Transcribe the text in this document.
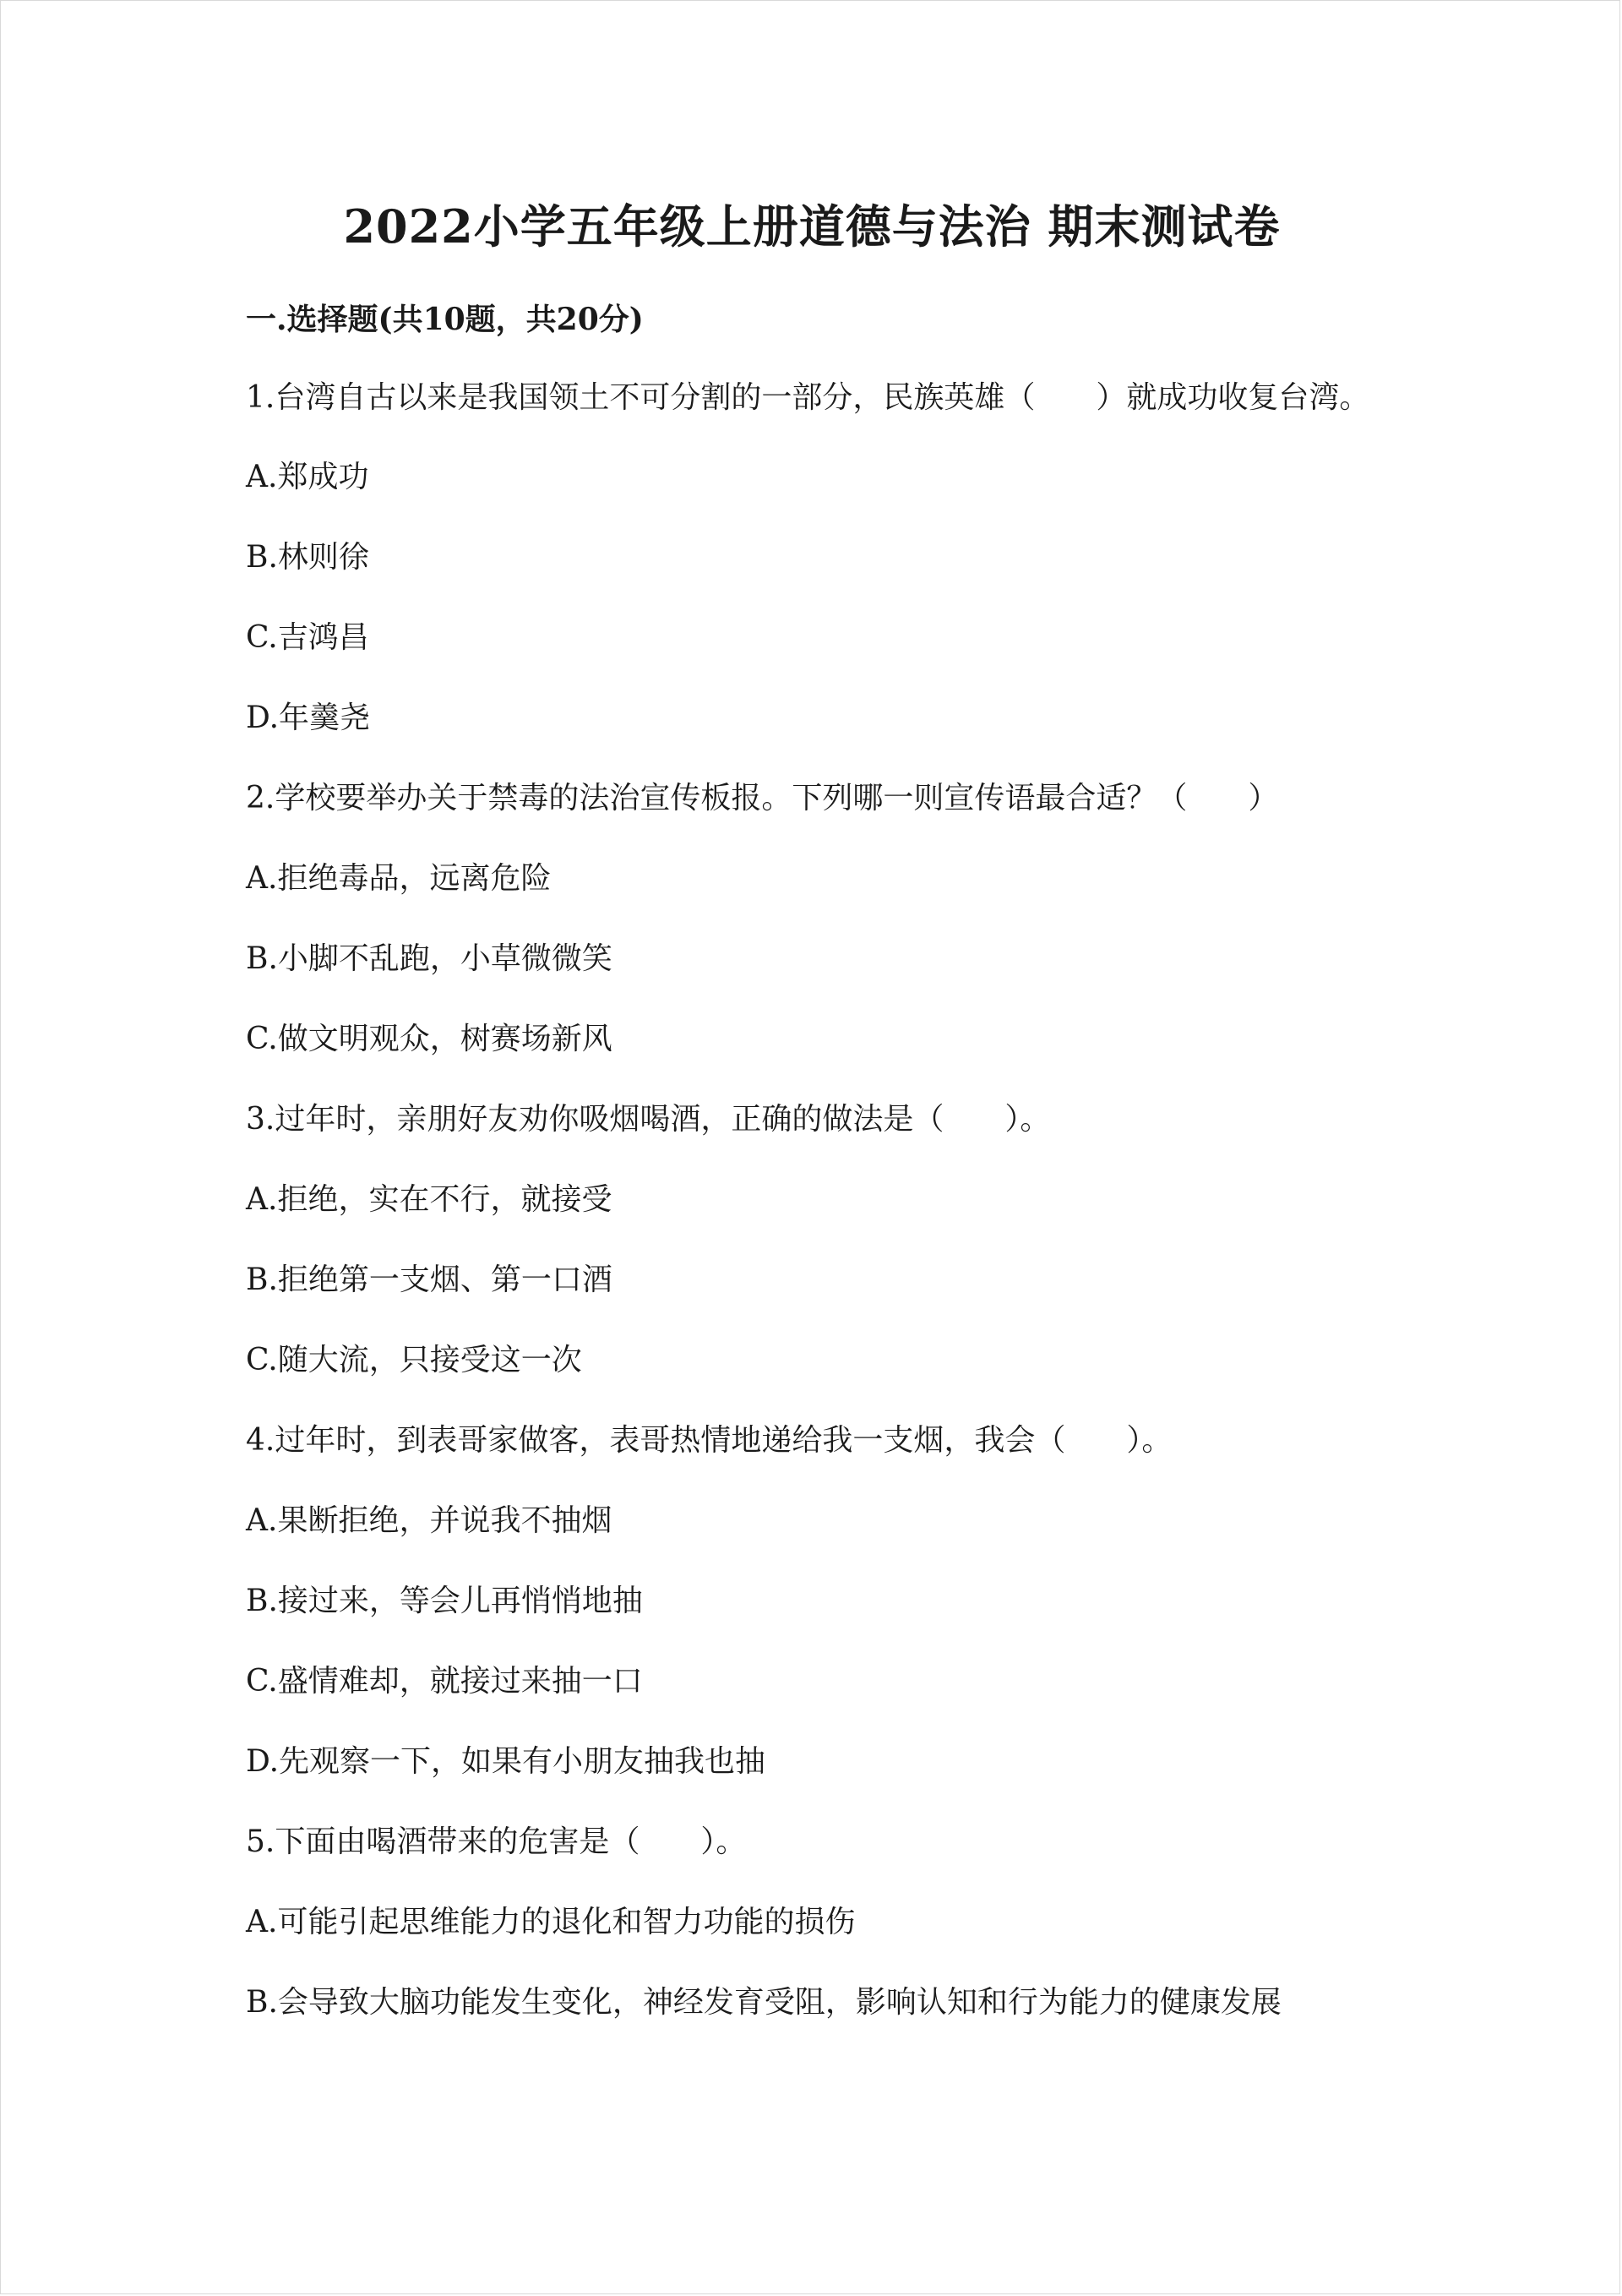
2022小学五年级上册道德与法治 期末测试卷
一.选择题(共10题，共20分)
1.台湾自古以来是我国领土不可分割的一部分，民族英雄（　　）就成功收复台湾。
A.郑成功
B.林则徐
C.吉鸿昌
D.年羹尧
2.学校要举办关于禁毒的法治宣传板报。下列哪一则宣传语最合适？（　　）
A.拒绝毒品，远离危险
B.小脚不乱跑，小草微微笑
C.做文明观众，树赛场新风
3.过年时，亲朋好友劝你吸烟喝酒，正确的做法是（　　）。
A.拒绝，实在不行，就接受
B.拒绝第一支烟、第一口酒
C.随大流，只接受这一次
4.过年时，到表哥家做客，表哥热情地递给我一支烟，我会（　　）。
A.果断拒绝，并说我不抽烟
B.接过来，等会儿再悄悄地抽
C.盛情难却，就接过来抽一口
D.先观察一下，如果有小朋友抽我也抽
5.下面由喝酒带来的危害是（　　）。
A.可能引起思维能力的退化和智力功能的损伤
B.会导致大脑功能发生变化，神经发育受阻，影响认知和行为能力的健康发展
